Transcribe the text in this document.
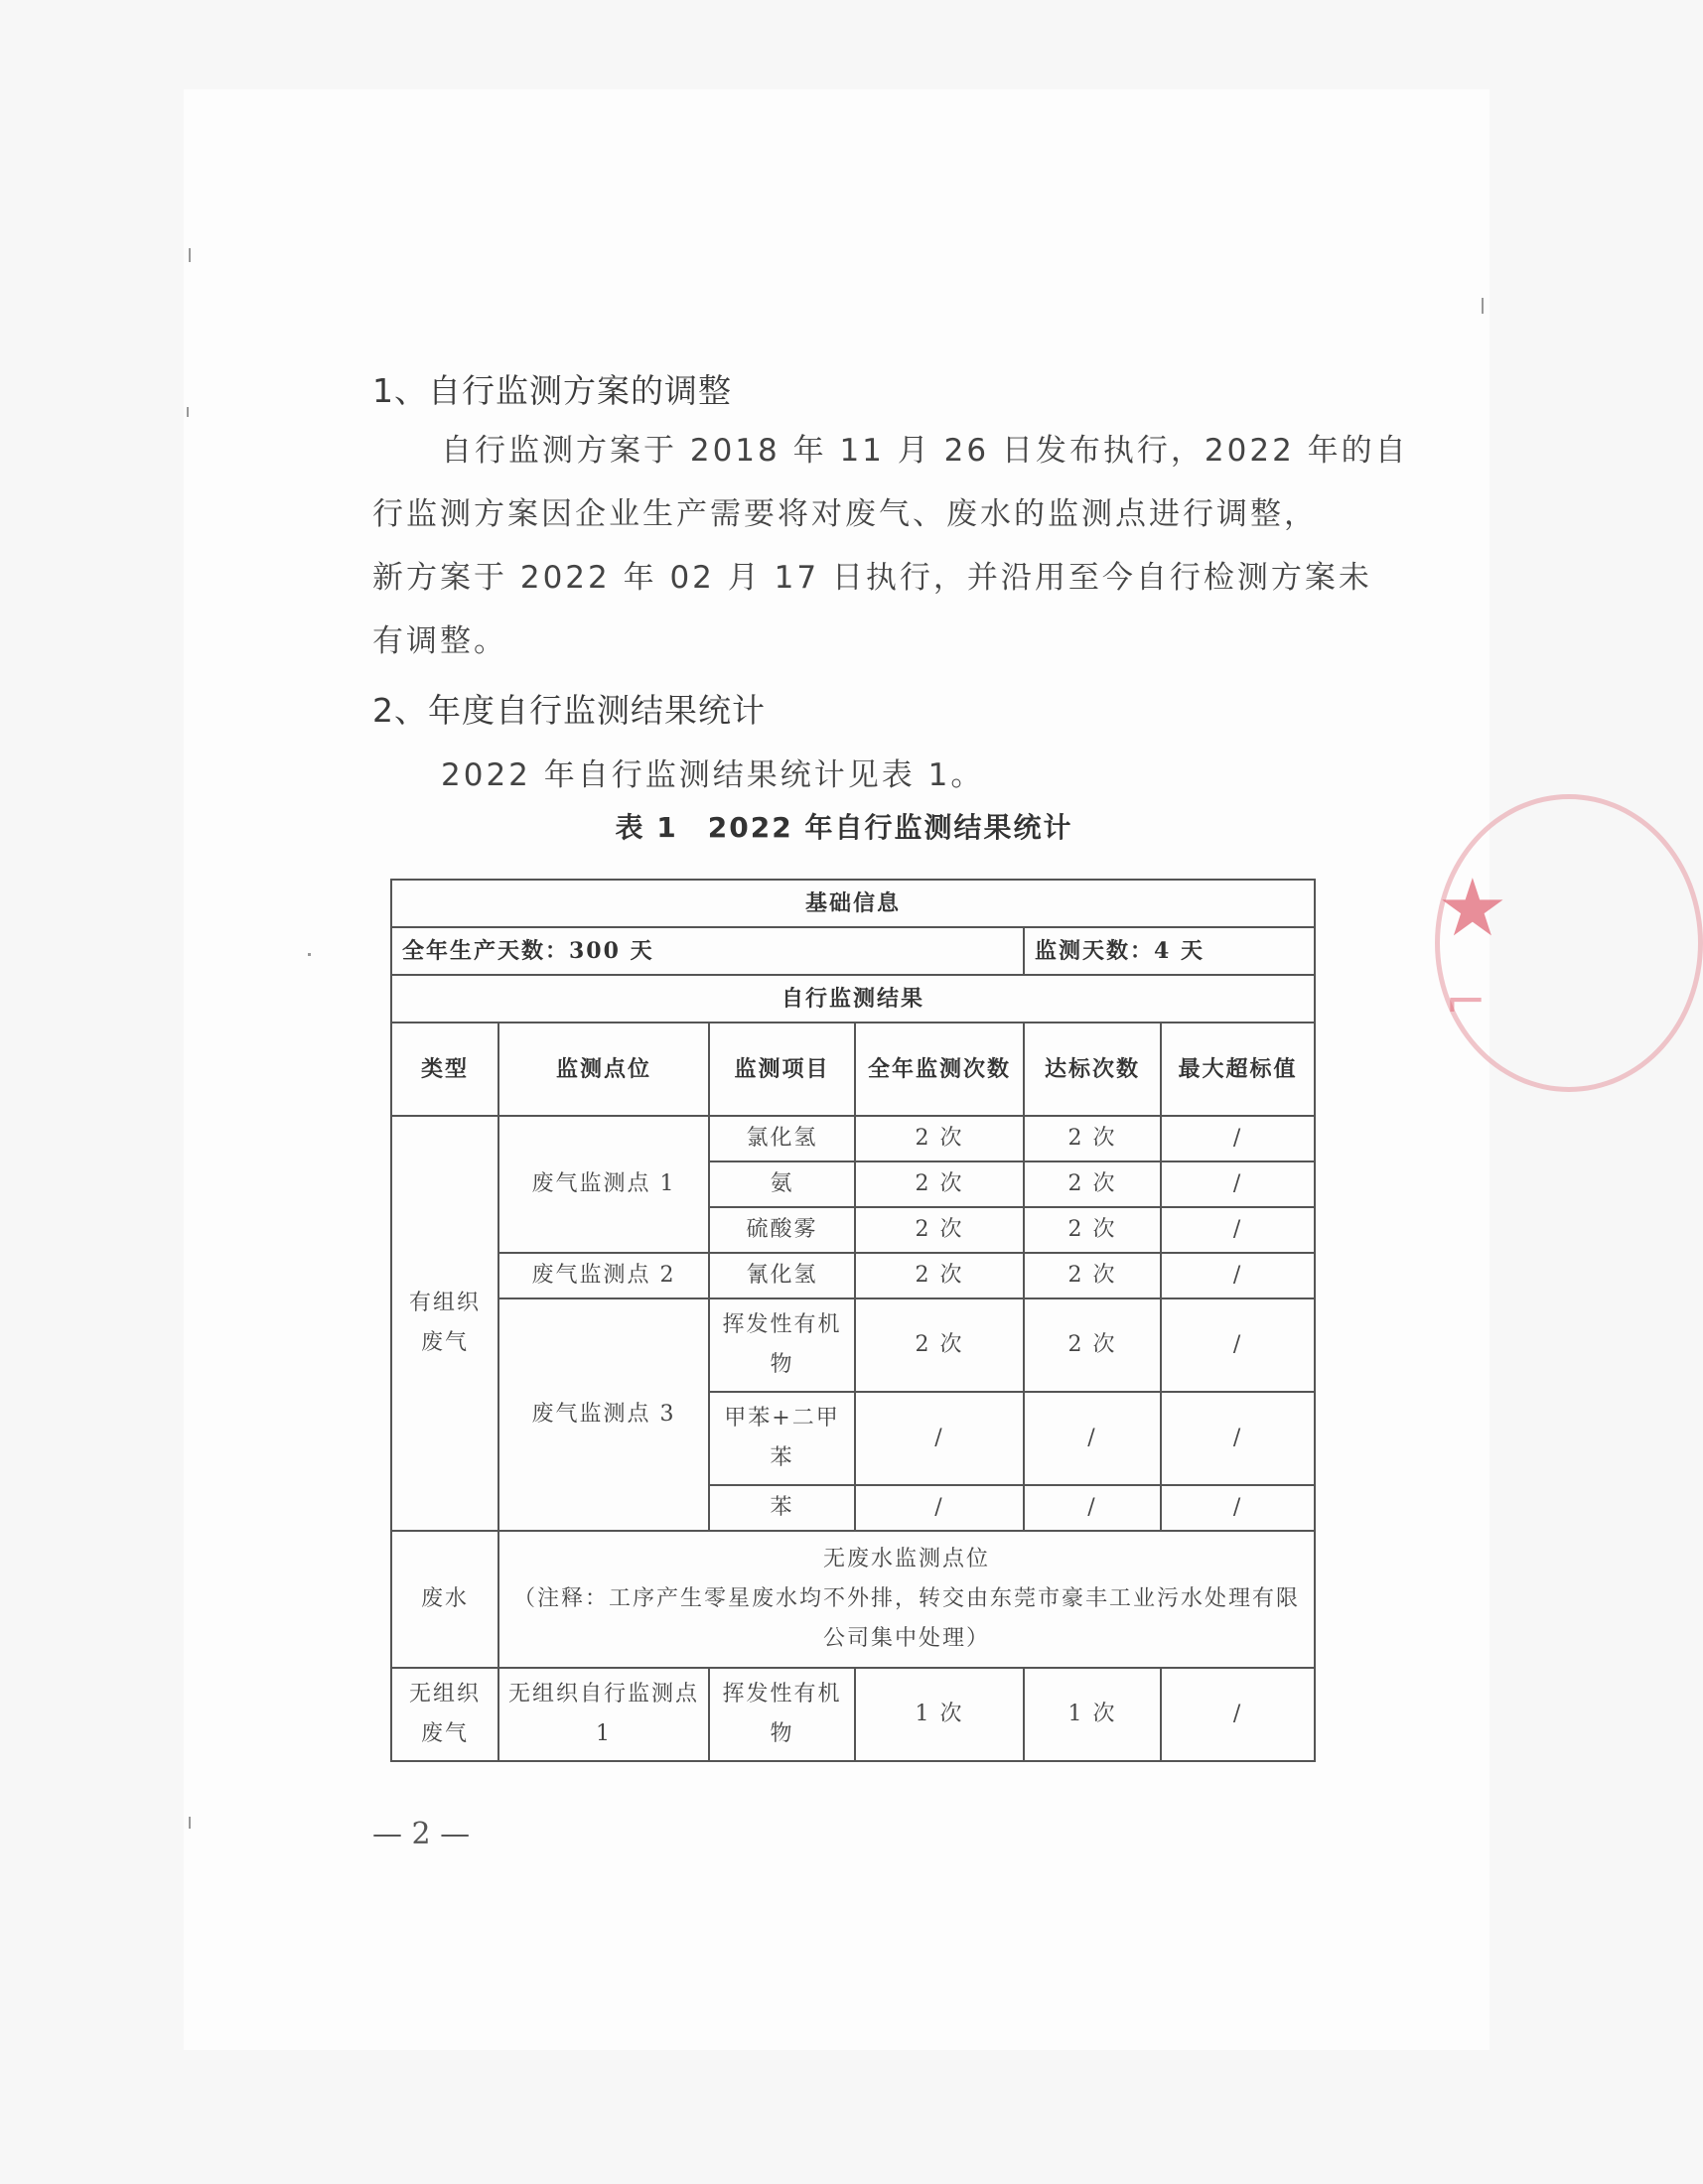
★
⌐
1、自行监测方案的调整
自行监测方案于 2018 年 11 月 26 日发布执行，2022 年的自
行监测方案因企业生产需要将对废气、废水的监测点进行调整，
新方案于 2022 年 02 月 17 日执行，并沿用至今自行检测方案未
有调整。
2、年度自行监测结果统计
2022 年自行监测结果统计见表 1。
表 1　2022 年自行监测结果统计
基础信息					
全年生产天数：300 天				监测天数：4 天	
自行监测结果					
类型	监测点位	监测项目	全年监测次数	达标次数	最大超标值
有组织废气	废气监测点 1	氯化氢	2 次	2 次	/
		氨	2 次	2 次	/
		硫酸雾	2 次	2 次	/
	废气监测点 2	氰化氢	2 次	2 次	/
	废气监测点 3	挥发性有机物	2 次	2 次	/
		甲苯+二甲苯	/	/	/
		苯	/	/	/
废水	无废水监测点位
（注释：工序产生零星废水均不外排，转交由东莞市豪丰工业污水处理有限公司集中处理）				

无组织废气	无组织自行监测点 1	挥发性有机物	1 次	1 次	/
— 2 —
